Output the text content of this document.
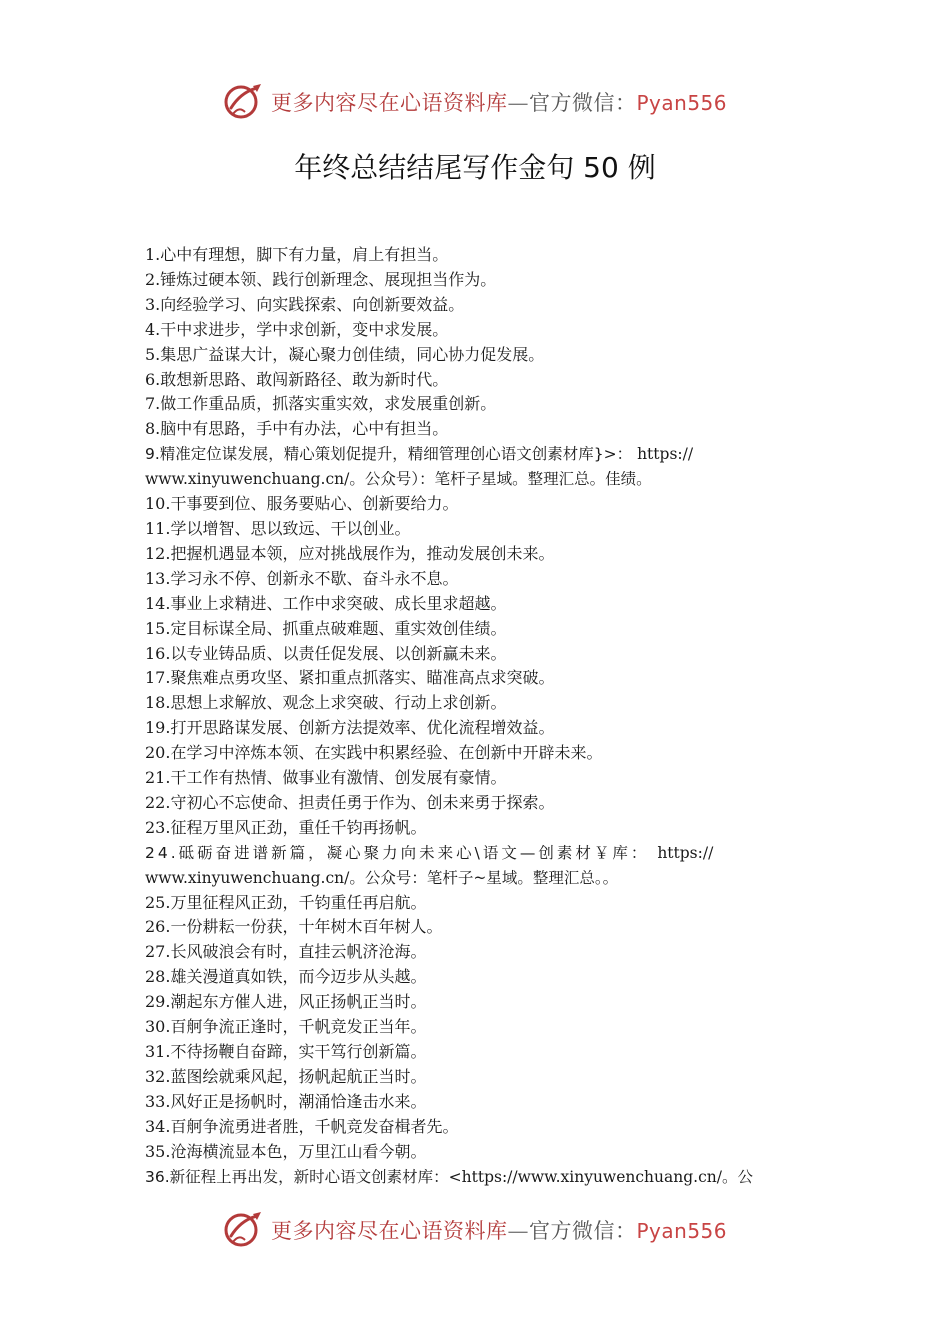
更多内容尽在心语资料库—官方微信：Pyan556
年终总结结尾写作金句 50 例

1.心中有理想，脚下有力量，肩上有担当。

2.锤炼过硬本领、践行创新理念、展现担当作为。

3.向经验学习、向实践探索、向创新要效益。

4.干中求进步，学中求创新，变中求发展。

5.集思广益谋大计，凝心聚力创佳绩，同心协力促发展。

6.敢想新思路、敢闯新路径、敢为新时代。

7.做工作重品质，抓落实重实效，求发展重创新。

8.脑中有思路，手中有办法，心中有担当。

9.精准定位谋发展，精心策划促提升，精细管理创心语文创素材库}>： https://
www.xinyuwenchuang.cn/。公众号）：笔杆子星域。整理汇总。佳绩。

10.干事要到位、服务要贴心、创新要给力。

11.学以增智、思以致远、干以创业。

12.把握机遇显本领，应对挑战展作为，推动发展创未来。

13.学习永不停、创新永不歇、奋斗永不息。

14.事业上求精进、工作中求突破、成长里求超越。

15.定目标谋全局、抓重点破难题、重实效创佳绩。

16.以专业铸品质、以责任促发展、以创新赢未来。

17.聚焦难点勇攻坚、紧扣重点抓落实、瞄准高点求突破。

18.思想上求解放、观念上求突破、行动上求创新。

19.打开思路谋发展、创新方法提效率、优化流程增效益。

20.在学习中淬炼本领、在实践中积累经验、在创新中开辟未来。

21.干工作有热情、做事业有激情、创发展有豪情。

22.守初心不忘使命、担责任勇于作为、创未来勇于探索。

23.征程万里风正劲，重任千钧再扬帆。

24.砥砺奋进谱新篇，凝心聚力向未来心\语文—创素材￥库： https://
www.xinyuwenchuang.cn/。公众号：笔杆子~星域。整理汇总。。

25.万里征程风正劲，千钧重任再启航。

26.一份耕耘一份获，十年树木百年树人。

27.长风破浪会有时，直挂云帆济沧海。

28.雄关漫道真如铁，而今迈步从头越。

29.潮起东方催人进，风正扬帆正当时。

30.百舸争流正逢时，千帆竞发正当年。

31.不待扬鞭自奋蹄，实干笃行创新篇。

32.蓝图绘就乘风起，扬帆起航正当时。

33.风好正是扬帆时，潮涌恰逢击水来。

34.百舸争流勇进者胜，千帆竞发奋楫者先。

35.沧海横流显本色，万里江山看今朝。

36.新征程上再出发，新时心语文创素材库：<https://www.xinyuwenchuang.cn/。公

更多内容尽在心语资料库—官方微信：Pyan556
